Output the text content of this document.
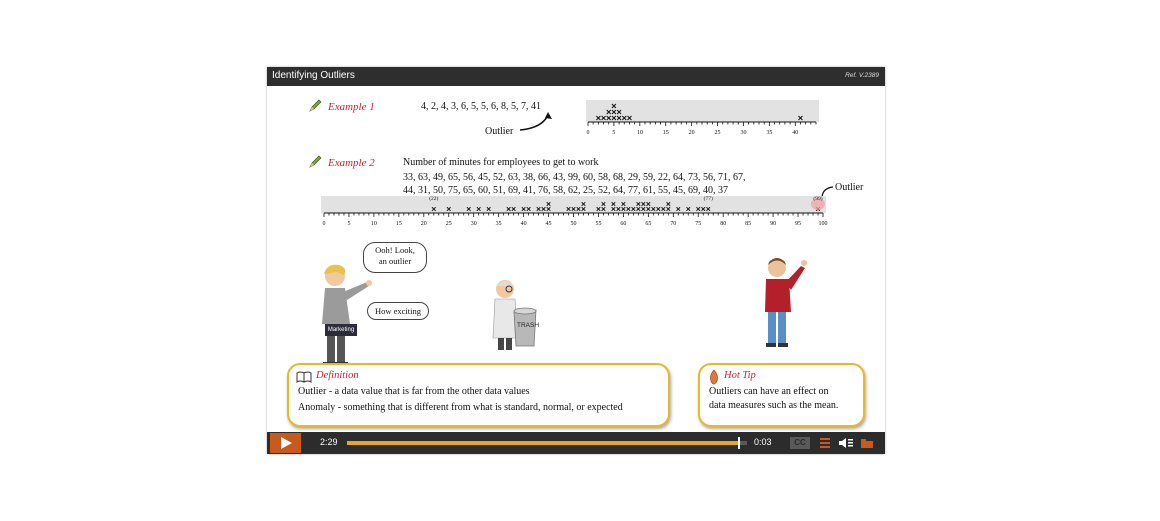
Identifying Outliers	Ref. V.2389
Example 1	4, 2, 4, 3, 6, 5, 5, 6, 8, 5, 7, 41
Outlier	0	5	10	15	20	25	30	35	40
Example 2	Number of minutes for employees to get to work
33, 63, 49, 65, 56, 45, 52, 63, 38, 66, 43, 99, 60, 58, 68, 29, 59, 22, 64, 73, 56, 71, 67,
44, 31, 50, 75, 65, 60, 51, 69, 41, 76, 58, 62, 25, 52, 64, 77, 61, 55, 45, 69, 40, 37	Outlier
0	5	10	15	20	25	30	35	40	45	50	55	60	65	70	75	80	85	90	95	100
(22)	(77)	(99)
Ooh! Look,
an outlier
How exciting
Marketing
TRASH
Definition
Outlier - a data value that is far from the other data values
Anomaly - something that is different from what is standard, normal, or expected
Hot Tip
Outliers can have an effect on
data measures such as the mean.
2:29	0:03	CC
